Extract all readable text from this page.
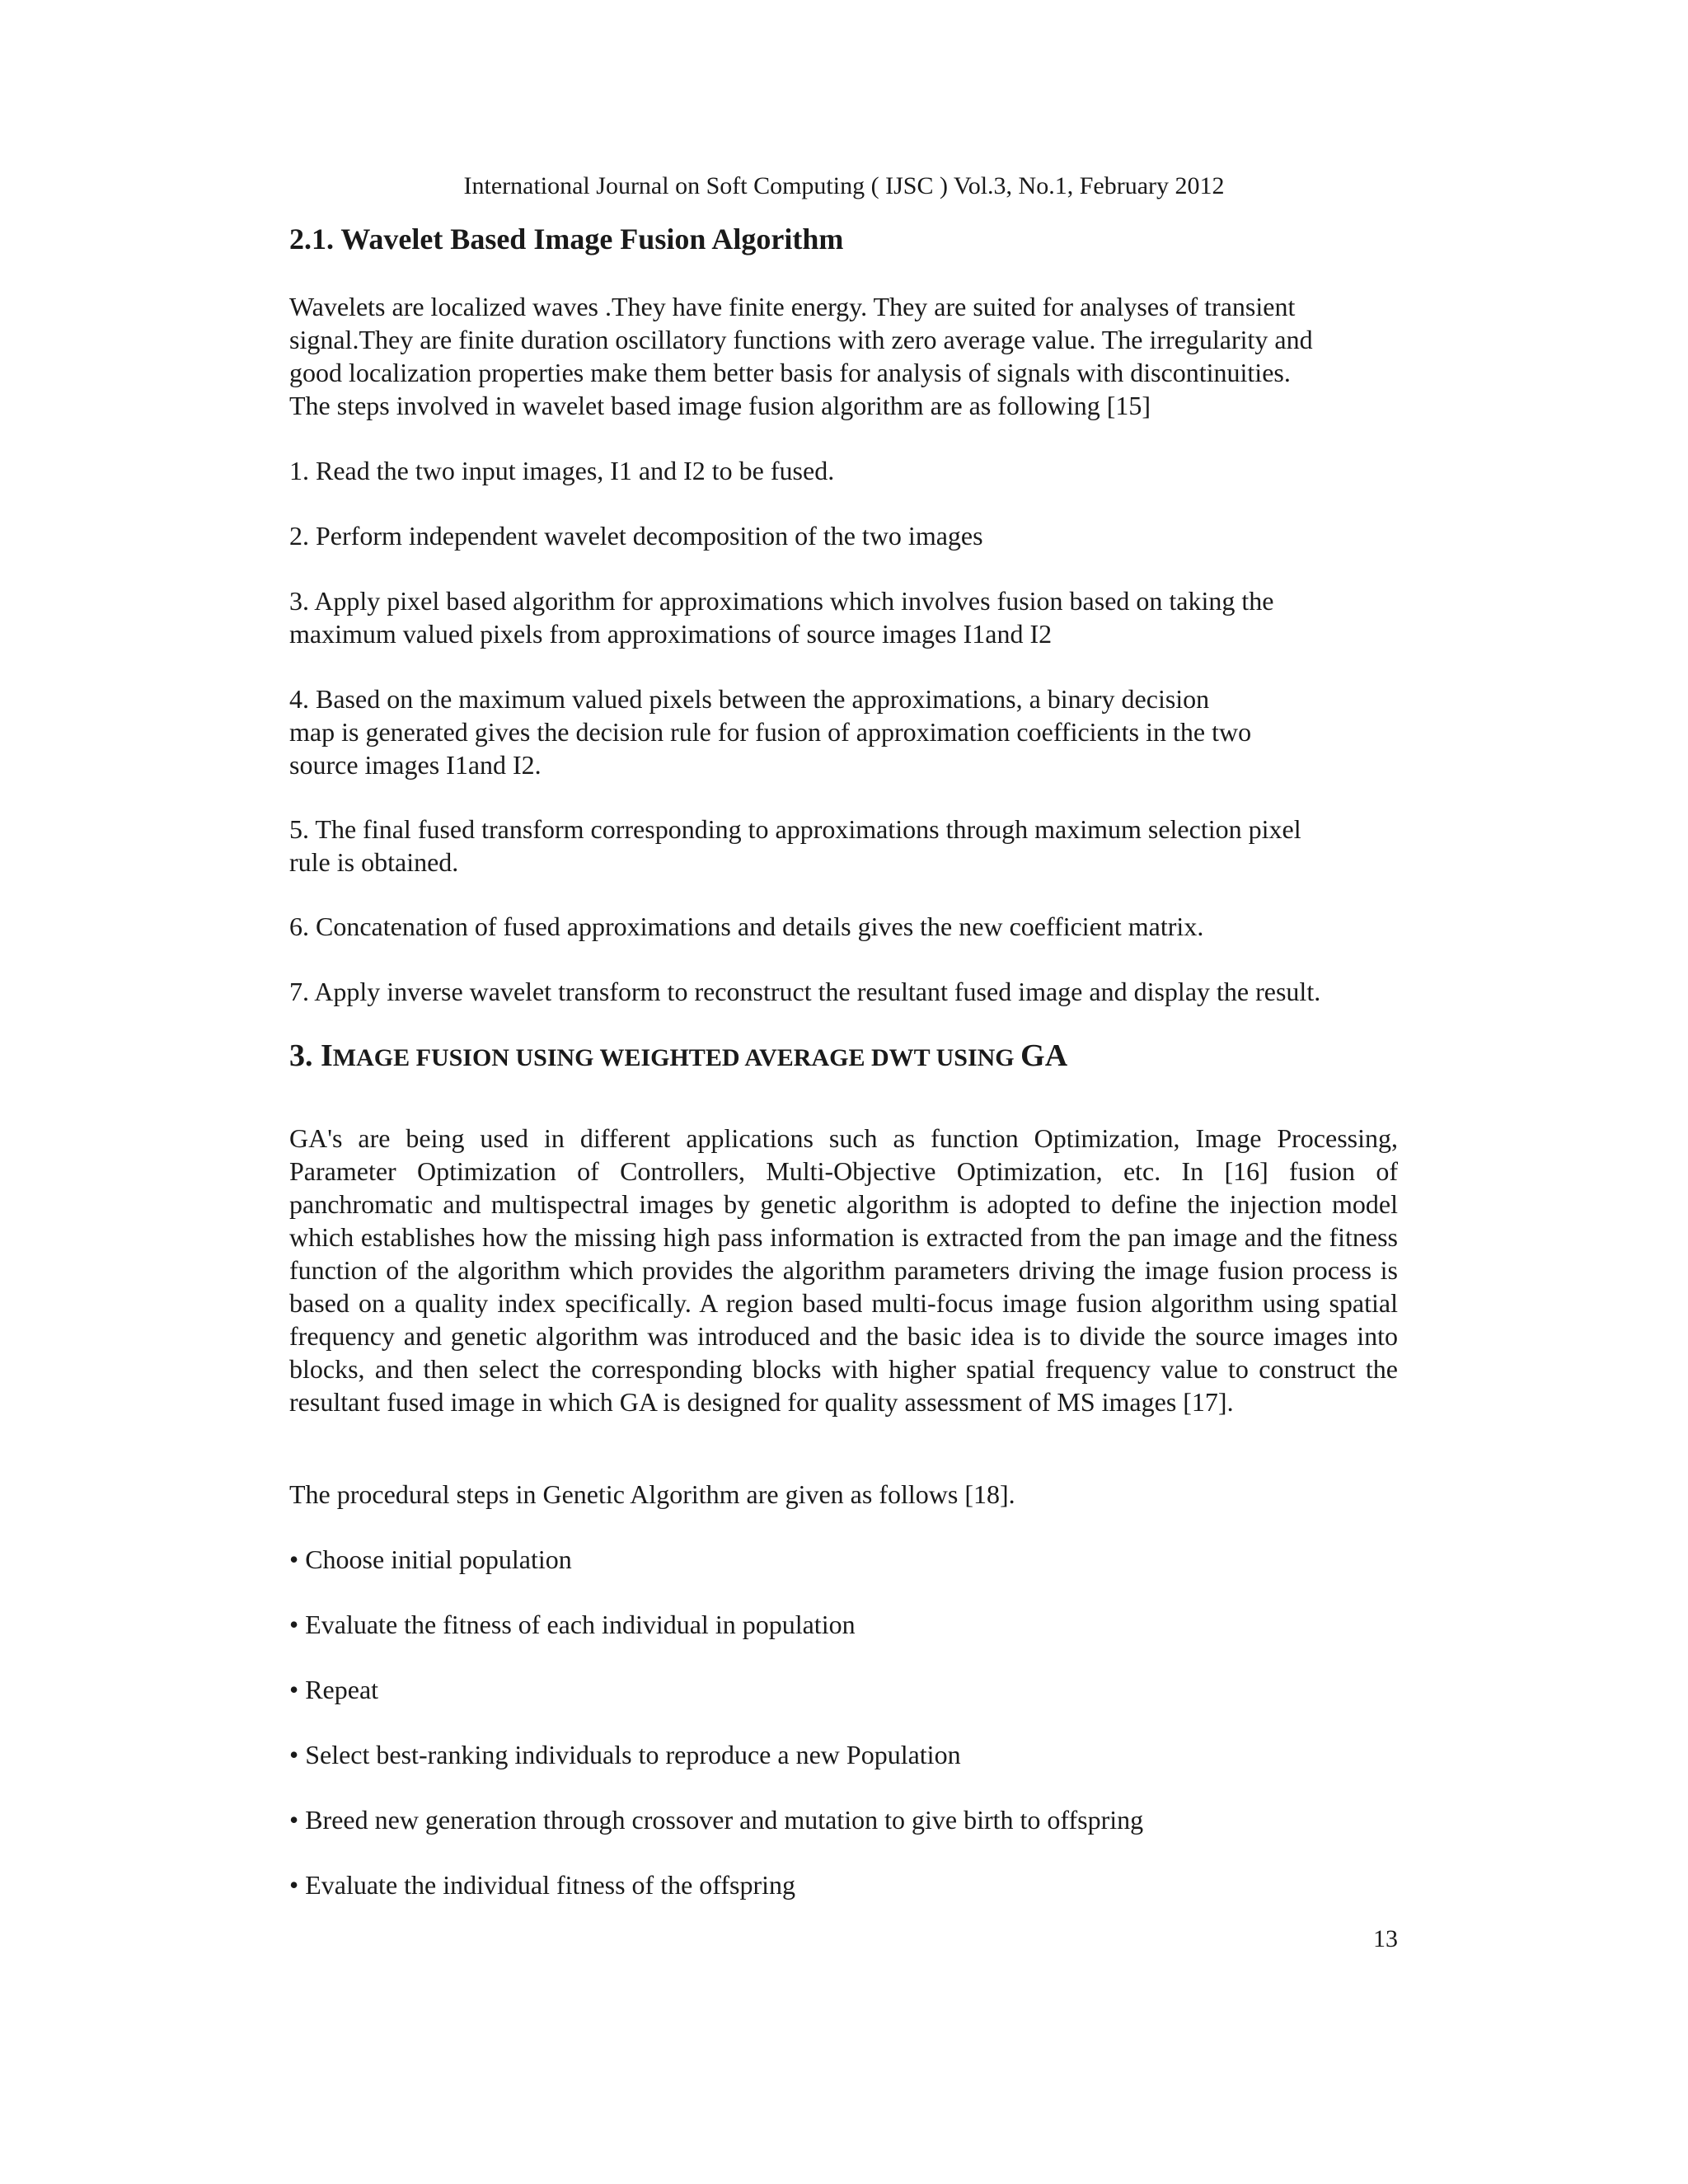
International Journal on Soft Computing ( IJSC ) Vol.3, No.1, February 2012
2.1. Wavelet Based Image Fusion Algorithm

Wavelets are localized waves .They have finite energy. They are suited for analyses of transient
signal.They are finite duration oscillatory functions with zero average value. The irregularity and
good localization properties make them better basis for analysis of signals with discontinuities.
The steps involved in wavelet based image fusion algorithm are as following [15]

1. Read the two input images, I1 and I2 to be fused.

2. Perform independent wavelet decomposition of the two images

3. Apply pixel based algorithm for approximations which involves fusion based on taking the
maximum valued pixels from approximations of source images I1and I2

4. Based on the maximum valued pixels between the approximations, a binary decision
map is generated gives the decision rule for fusion of approximation coefficients in the two
source images I1and I2.

5. The final fused transform corresponding to approximations through maximum selection pixel
rule is obtained.

6. Concatenation of fused approximations and details gives the new coefficient matrix.

7. Apply inverse wavelet transform to reconstruct the resultant fused image and display the result.

3. IMAGE FUSION USING WEIGHTED AVERAGE DWT USING GA

GA's are being used in different applications such as function Optimization, Image Processing, Parameter Optimization of Controllers, Multi-Objective Optimization, etc. In [16] fusion of panchromatic and multispectral images by genetic algorithm is adopted to define the injection model which establishes how the missing high pass information is extracted from the pan image and the fitness function of the algorithm which provides the algorithm parameters driving the image fusion process is based on a quality index specifically. A region based multi-focus image fusion algorithm using spatial frequency and genetic algorithm was introduced and the basic idea is to divide the source images into blocks, and then select the corresponding blocks with higher spatial frequency value to construct the resultant fused image in which GA is designed for quality assessment of MS images [17].

The procedural steps in Genetic Algorithm are given as follows [18].

• Choose initial population

• Evaluate the fitness of each individual in population

• Repeat

• Select best-ranking individuals to reproduce a new Population

• Breed new generation through crossover and mutation to give birth to offspring

• Evaluate the individual fitness of the offspring

13
